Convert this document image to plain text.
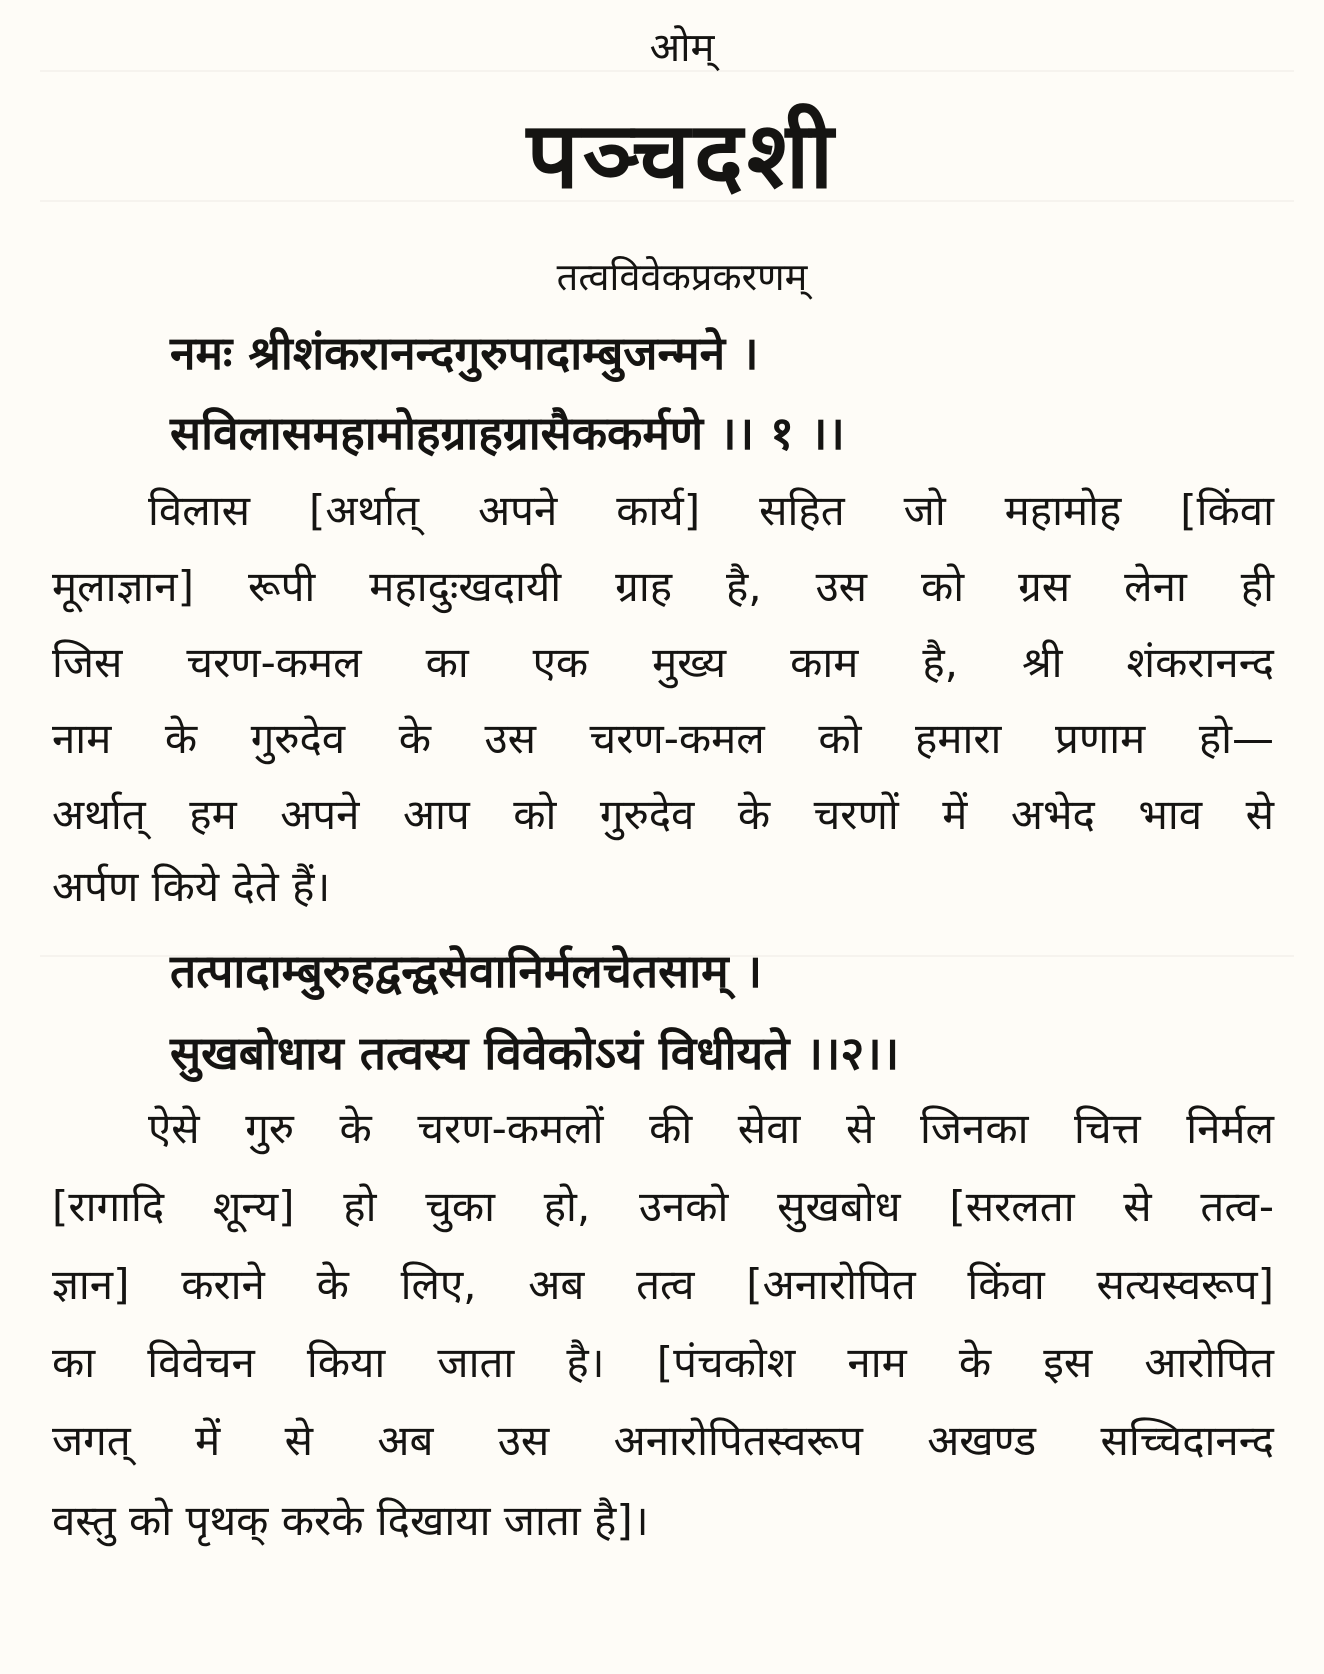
ओम्

पञ्चदशी

तत्वविवेकप्रकरणम्

नमः श्रीशंकरानन्दगुरुपादाम्बुजन्मने ।

सविलासमहामोहग्राहग्रासैककर्मणे ।। १ ।।

विलास [अर्थात् अपने कार्य] सहित जो महामोह [किंवा

मूलाज्ञान] रूपी महादुःखदायी ग्राह है, उस को ग्रस लेना ही

जिस चरण-कमल का एक मुख्य काम है, श्री शंकरानन्द

नाम के गुरुदेव के उस चरण-कमल को हमारा प्रणाम हो—

अर्थात् हम अपने आप को गुरुदेव के चरणों में अभेद भाव से

अर्पण किये देते हैं।

तत्पादाम्बुरुहद्वन्द्वसेवानिर्मलचेतसाम् ।

सुखबोधाय तत्वस्य विवेकोऽयं विधीयते ।।२।।

ऐसे गुरु के चरण-कमलों की सेवा से जिनका चित्त निर्मल

[रागादि शून्य] हो चुका हो, उनको सुखबोध [सरलता से तत्व-

ज्ञान] कराने के लिए, अब तत्व [अनारोपित किंवा सत्यस्वरूप]

का विवेचन किया जाता है। [पंचकोश नाम के इस आरोपित

जगत् में से अब उस अनारोपितस्वरूप अखण्ड सच्चिदानन्द

वस्तु को पृथक् करके दिखाया जाता है]।
